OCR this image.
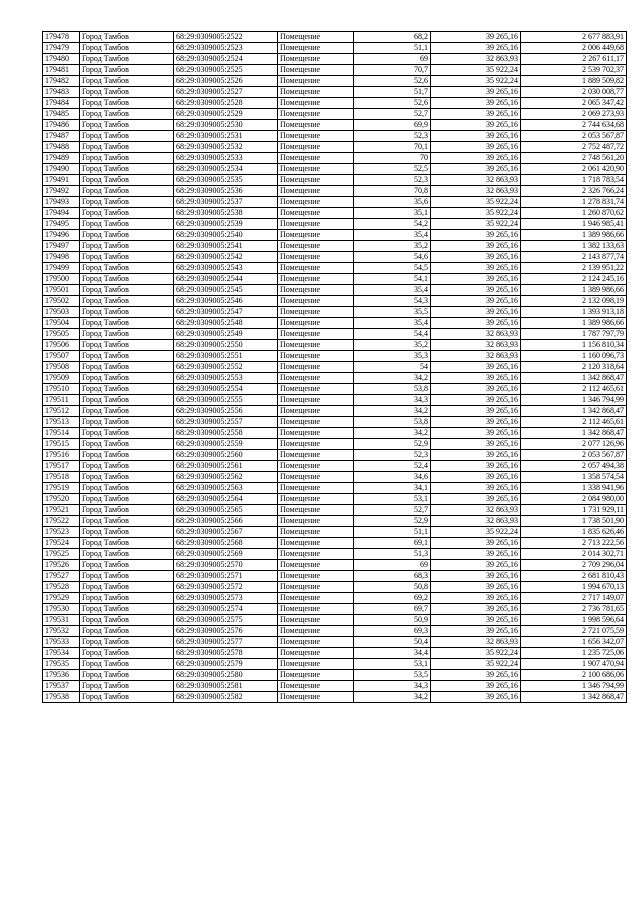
179478	Город Тамбов	68:29:0309005:2522	Помещение	68,2	39 265,16	2 677 883,91
179479	Город Тамбов	68:29:0309005:2523	Помещение	51,1	39 265,16	2 006 449,68
179480	Город Тамбов	68:29:0309005:2524	Помещение	69	32 863,93	2 267 611,17
179481	Город Тамбов	68:29:0309005:2525	Помещение	70,7	35 922,24	2 539 702,37
179482	Город Тамбов	68:29:0309005:2526	Помещение	52,6	35 922,24	1 889 509,82
179483	Город Тамбов	68:29:0309005:2527	Помещение	51,7	39 265,16	2 030 008,77
179484	Город Тамбов	68:29:0309005:2528	Помещение	52,6	39 265,16	2 065 347,42
179485	Город Тамбов	68:29:0309005:2529	Помещение	52,7	39 265,16	2 069 273,93
179486	Город Тамбов	68:29:0309005:2530	Помещение	69,9	39 265,16	2 744 634,68
179487	Город Тамбов	68:29:0309005:2531	Помещение	52,3	39 265,16	2 053 567,87
179488	Город Тамбов	68:29:0309005:2532	Помещение	70,1	39 265,16	2 752 487,72
179489	Город Тамбов	68:29:0309005:2533	Помещение	70	39 265,16	2 748 561,20
179490	Город Тамбов	68:29:0309005:2534	Помещение	52,5	39 265,16	2 061 420,90
179491	Город Тамбов	68:29:0309005:2535	Помещение	52,3	32 863,93	1 718 783,54
179492	Город Тамбов	68:29:0309005:2536	Помещение	70,8	32 863,93	2 326 766,24
179493	Город Тамбов	68:29:0309005:2537	Помещение	35,6	35 922,24	1 278 831,74
179494	Город Тамбов	68:29:0309005:2538	Помещение	35,1	35 922,24	1 260 870,62
179495	Город Тамбов	68:29:0309005:2539	Помещение	54,2	35 922,24	1 946 985,41
179496	Город Тамбов	68:29:0309005:2540	Помещение	35,4	39 265,16	1 389 986,66
179497	Город Тамбов	68:29:0309005:2541	Помещение	35,2	39 265,16	1 382 133,63
179498	Город Тамбов	68:29:0309005:2542	Помещение	54,6	39 265,16	2 143 877,74
179499	Город Тамбов	68:29:0309005:2543	Помещение	54,5	39 265,16	2 139 951,22
179500	Город Тамбов	68:29:0309005:2544	Помещение	54,1	39 265,16	2 124 245,16
179501	Город Тамбов	68:29:0309005:2545	Помещение	35,4	39 265,16	1 389 986,66
179502	Город Тамбов	68:29:0309005:2546	Помещение	54,3	39 265,16	2 132 098,19
179503	Город Тамбов	68:29:0309005:2547	Помещение	35,5	39 265,16	1 393 913,18
179504	Город Тамбов	68:29:0309005:2548	Помещение	35,4	39 265,16	1 389 986,66
179505	Город Тамбов	68:29:0309005:2549	Помещение	54,4	32 863,93	1 787 797,79
179506	Город Тамбов	68:29:0309005:2550	Помещение	35,2	32 863,93	1 156 810,34
179507	Город Тамбов	68:29:0309005:2551	Помещение	35,3	32 863,93	1 160 096,73
179508	Город Тамбов	68:29:0309005:2552	Помещение	54	39 265,16	2 120 318,64
179509	Город Тамбов	68:29:0309005:2553	Помещение	34,2	39 265,16	1 342 868,47
179510	Город Тамбов	68:29:0309005:2554	Помещение	53,8	39 265,16	2 112 465,61
179511	Город Тамбов	68:29:0309005:2555	Помещение	34,3	39 265,16	1 346 794,99
179512	Город Тамбов	68:29:0309005:2556	Помещение	34,2	39 265,16	1 342 868,47
179513	Город Тамбов	68:29:0309005:2557	Помещение	53,8	39 265,16	2 112 465,61
179514	Город Тамбов	68:29:0309005:2558	Помещение	34,2	39 265,16	1 342 868,47
179515	Город Тамбов	68:29:0309005:2559	Помещение	52,9	39 265,16	2 077 126,96
179516	Город Тамбов	68:29:0309005:2560	Помещение	52,3	39 265,16	2 053 567,87
179517	Город Тамбов	68:29:0309005:2561	Помещение	52,4	39 265,16	2 057 494,38
179518	Город Тамбов	68:29:0309005:2562	Помещение	34,6	39 265,16	1 358 574,54
179519	Город Тамбов	68:29:0309005:2563	Помещение	34,1	39 265,16	1 338 941,96
179520	Город Тамбов	68:29:0309005:2564	Помещение	53,1	39 265,16	2 084 980,00
179521	Город Тамбов	68:29:0309005:2565	Помещение	52,7	32 863,93	1 731 929,11
179522	Город Тамбов	68:29:0309005:2566	Помещение	52,9	32 863,93	1 738 501,90
179523	Город Тамбов	68:29:0309005:2567	Помещение	51,1	35 922,24	1 835 626,46
179524	Город Тамбов	68:29:0309005:2568	Помещение	69,1	39 265,16	2 713 222,56
179525	Город Тамбов	68:29:0309005:2569	Помещение	51,3	39 265,16	2 014 302,71
179526	Город Тамбов	68:29:0309005:2570	Помещение	69	39 265,16	2 709 296,04
179527	Город Тамбов	68:29:0309005:2571	Помещение	68,3	39 265,16	2 681 810,43
179528	Город Тамбов	68:29:0309005:2572	Помещение	50,8	39 265,16	1 994 670,13
179529	Город Тамбов	68:29:0309005:2573	Помещение	69,2	39 265,16	2 717 149,07
179530	Город Тамбов	68:29:0309005:2574	Помещение	69,7	39 265,16	2 736 781,65
179531	Город Тамбов	68:29:0309005:2575	Помещение	50,9	39 265,16	1 998 596,64
179532	Город Тамбов	68:29:0309005:2576	Помещение	69,3	39 265,16	2 721 075,59
179533	Город Тамбов	68:29:0309005:2577	Помещение	50,4	32 863,93	1 656 342,07
179534	Город Тамбов	68:29:0309005:2578	Помещение	34,4	35 922,24	1 235 725,06
179535	Город Тамбов	68:29:0309005:2579	Помещение	53,1	35 922,24	1 907 470,94
179536	Город Тамбов	68:29:0309005:2580	Помещение	53,5	39 265,16	2 100 686,06
179537	Город Тамбов	68:29:0309005:2581	Помещение	34,3	39 265,16	1 346 794,99
179538	Город Тамбов	68:29:0309005:2582	Помещение	34,2	39 265,16	1 342 868,47
